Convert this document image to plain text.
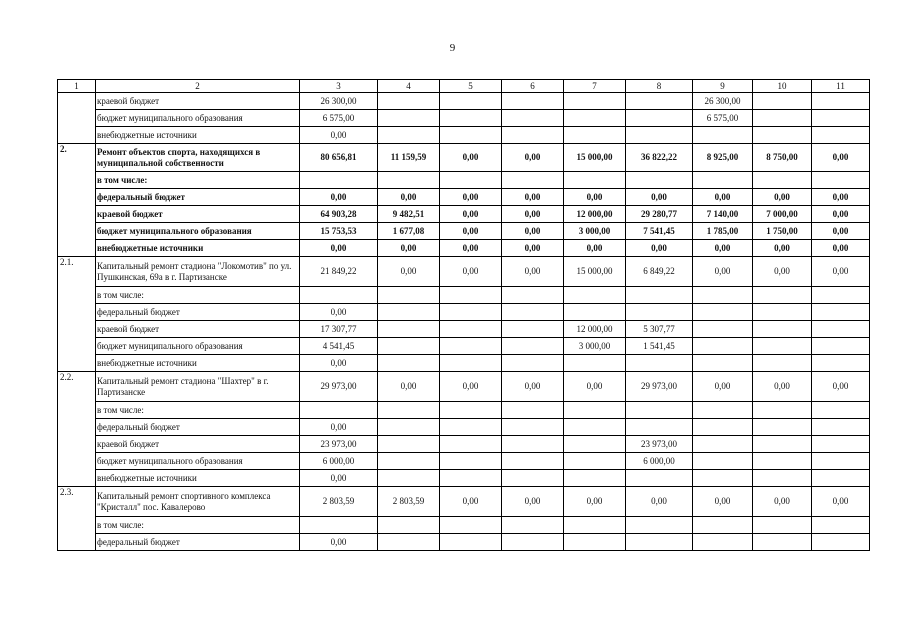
9
1	2	3	4	5	6	7	8	9	10	11
	краевой бюджет	26 300,00						26 300,00		
	бюджет муниципального образования	6 575,00						6 575,00		
	внебюджетные источники	0,00								
2.	Ремонт объектов спорта, находящихся в муниципальной собственности	80 656,81	11 159,59	0,00	0,00	15 000,00	36 822,22	8 925,00	8 750,00	0,00
	в том числе:									
	федеральный бюджет	0,00	0,00	0,00	0,00	0,00	0,00	0,00	0,00	0,00
	краевой бюджет	64 903,28	9 482,51	0,00	0,00	12 000,00	29 280,77	7 140,00	7 000,00	0,00
	бюджет муниципального образования	15 753,53	1 677,08	0,00	0,00	3 000,00	7 541,45	1 785,00	1 750,00	0,00
	внебюджетные источники	0,00	0,00	0,00	0,00	0,00	0,00	0,00	0,00	0,00
2.1.	Капитальный ремонт стадиона "Локомотив" по ул. Пушкинская, 69а в г. Партизанске	21 849,22	0,00	0,00	0,00	15 000,00	6 849,22	0,00	0,00	0,00
	в том числе:									
	федеральный бюджет	0,00								
	краевой бюджет	17 307,77				12 000,00	5 307,77			
	бюджет муниципального образования	4 541,45				3 000,00	1 541,45			
	внебюджетные источники	0,00								
2.2.	Капитальный ремонт стадиона "Шахтер" в г. Партизанске	29 973,00	0,00	0,00	0,00	0,00	29 973,00	0,00	0,00	0,00
	в том числе:									
	федеральный бюджет	0,00								
	краевой бюджет	23 973,00					23 973,00			
	бюджет муниципального образования	6 000,00					6 000,00			
	внебюджетные источники	0,00								
2.3.	Капитальный ремонт спортивного комплекса "Кристалл" пос. Кавалерово	2 803,59	2 803,59	0,00	0,00	0,00	0,00	0,00	0,00	0,00
	в том числе:									
	федеральный бюджет	0,00								
